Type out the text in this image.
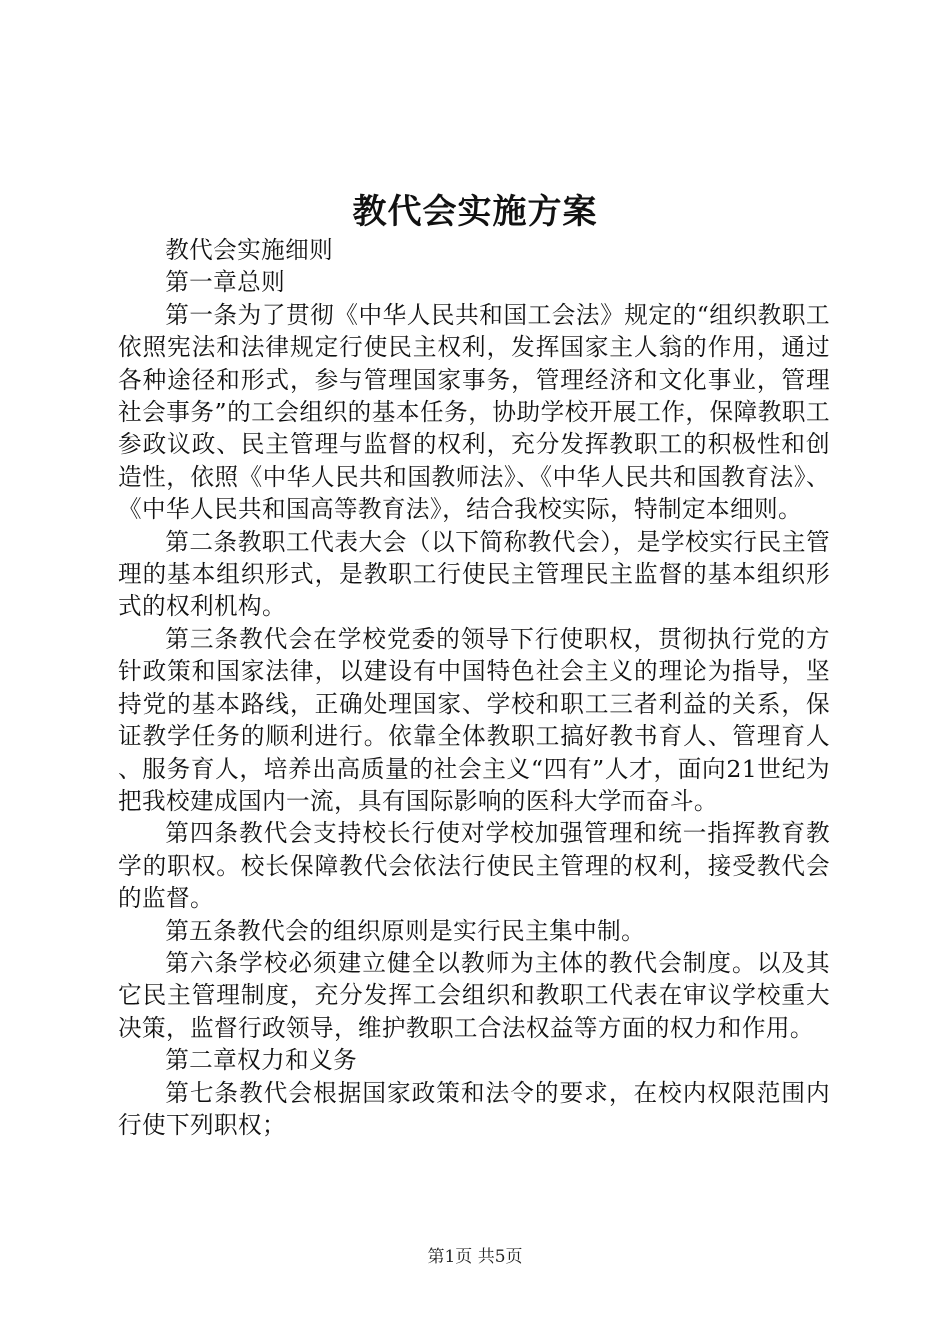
教代会实施方案

教代会实施细则

第一章总则

第一条为了贯彻《中华人民共和国工会法》规定的“组织教职工依照宪法和法律规定行使民主权利，发挥国家主人翁的作用，通过各种途径和形式，参与管理国家事务，管理经济和文化事业，管理社会事务”的工会组织的基本任务，协助学校开展工作，保障教职工参政议政、民主管理与监督的权利，充分发挥教职工的积极性和创造性，依照《中华人民共和国教师法》、《中华人民共和国教育法》、《中华人民共和国高等教育法》，结合我校实际，特制定本细则。

第二条教职工代表大会（以下简称教代会），是学校实行民主管理的基本组织形式，是教职工行使民主管理民主监督的基本组织形式的权利机构。

第三条教代会在学校党委的领导下行使职权，贯彻执行党的方针政策和国家法律，以建设有中国特色社会主义的理论为指导，坚持党的基本路线，正确处理国家、学校和职工三者利益的关系，保证教学任务的顺利进行。依靠全体教职工搞好教书育人、管理育人、服务育人，培养出高质量的社会主义“四有”人才，面向21世纪为把我校建成国内一流，具有国际影响的医科大学而奋斗。

第四条教代会支持校长行使对学校加强管理和统一指挥教育教学的职权。校长保障教代会依法行使民主管理的权利，接受教代会的监督。

第五条教代会的组织原则是实行民主集中制。

第六条学校必须建立健全以教师为主体的教代会制度。以及其它民主管理制度，充分发挥工会组织和教职工代表在审议学校重大决策，监督行政领导，维护教职工合法权益等方面的权力和作用。

第二章权力和义务

第七条教代会根据国家政策和法令的要求，在校内权限范围内行使下列职权；

第1页 共5页
